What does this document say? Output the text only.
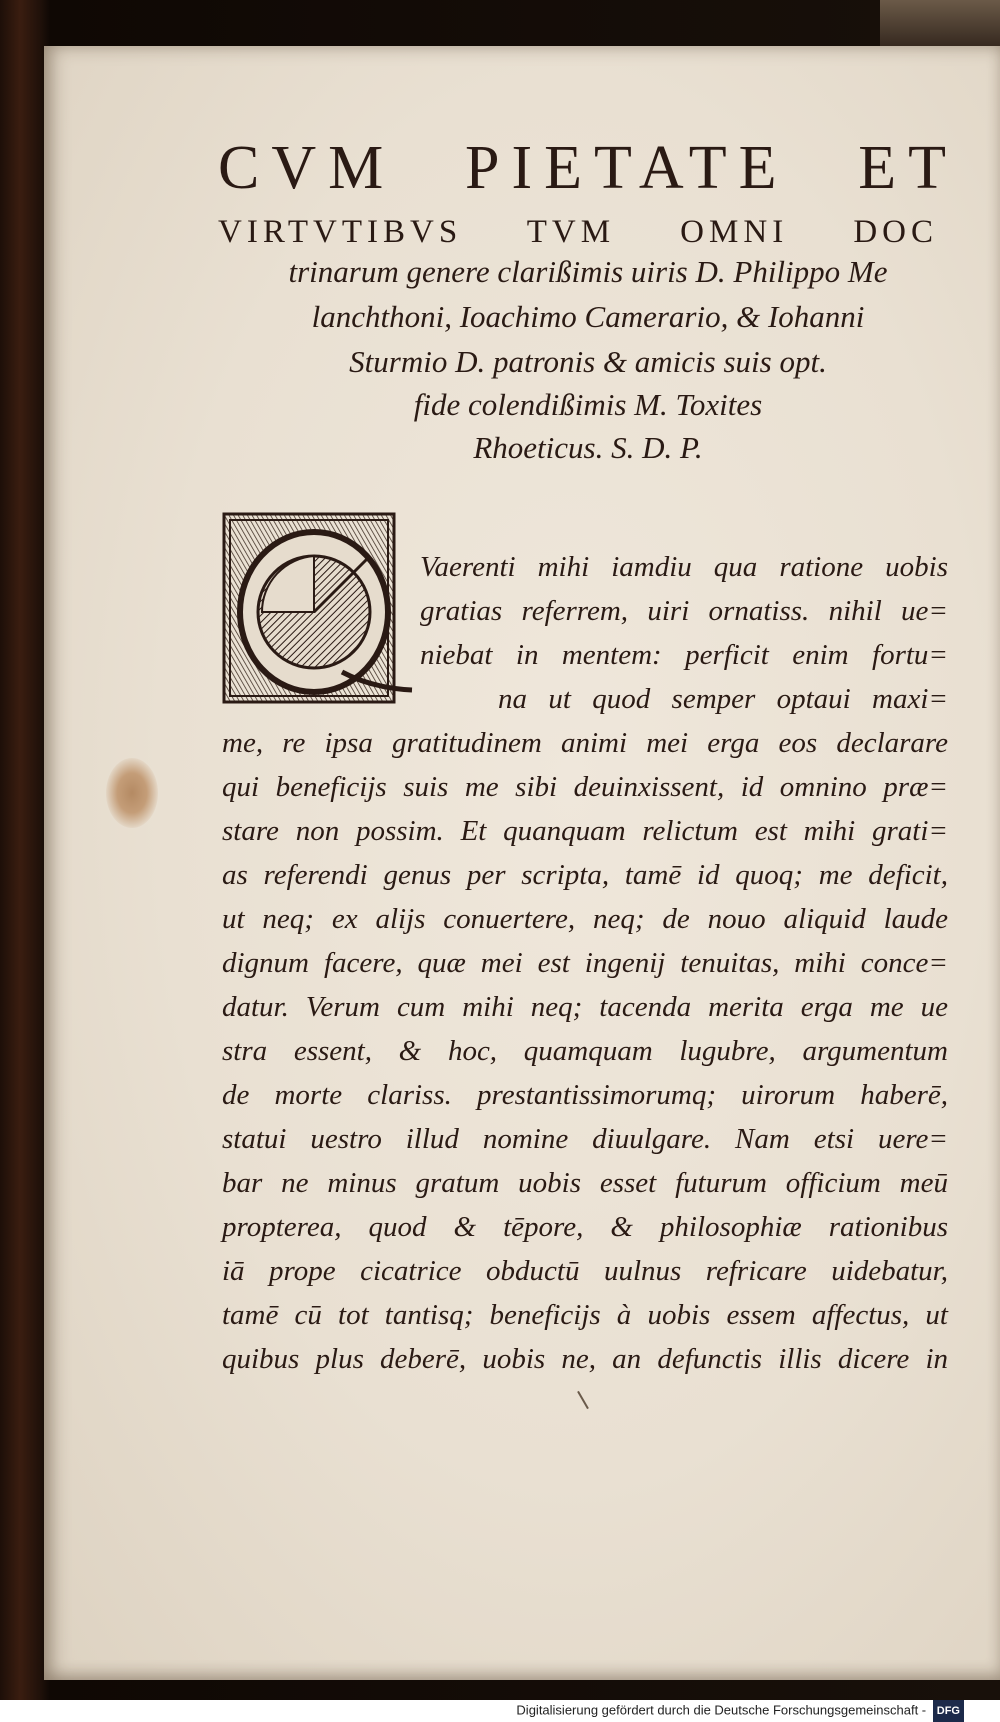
CVM PIETATE ET
VIRTVTIBVS TVM OMNI DOC
trinarum genere clarißimis uiris D. Philippo Me
lanchthoni, Ioachimo Camerario, & Iohanni
Sturmio D. patronis & amicis suis opt.
fide colendißimis M. Toxites
Rhoeticus. S. D. P.
Vaerenti mihi iamdiu qua ratione uobis
gratias referrem, uiri ornatiss. nihil ue=
niebat in mentem: perficit enim fortu=
na ut quod semper optaui maxi=
me, re ipsa gratitudinem animi mei erga eos declarare
qui beneficijs suis me sibi deuinxissent, id omnino præ=
stare non possim. Et quanquam relictum est mihi grati=
as referendi genus per scripta, tamē id quoq; me deficit,
ut neq; ex alijs conuertere, neq; de nouo aliquid laude
dignum facere, quæ mei est ingenij tenuitas, mihi conce=
datur. Verum cum mihi neq; tacenda merita erga me ue
stra essent, & hoc, quamquam lugubre, argumentum
de morte clariss. prestantissimorumq; uirorum haberē,
statui uestro illud nomine diuulgare. Nam etsi uere=
bar ne minus gratum uobis esset futurum officium meū
propterea, quod & tēpore, & philosophiæ rationibus
iā prope cicatrice obductū uulnus refricare uidebatur,
tamē cū tot tantisq; beneficijs à uobis essem affectus, ut
quibus plus deberē, uobis ne, an defunctis illis dicere in
Digitalisierung gefördert durch die Deutsche Forschungsgemeinschaft - DFG
